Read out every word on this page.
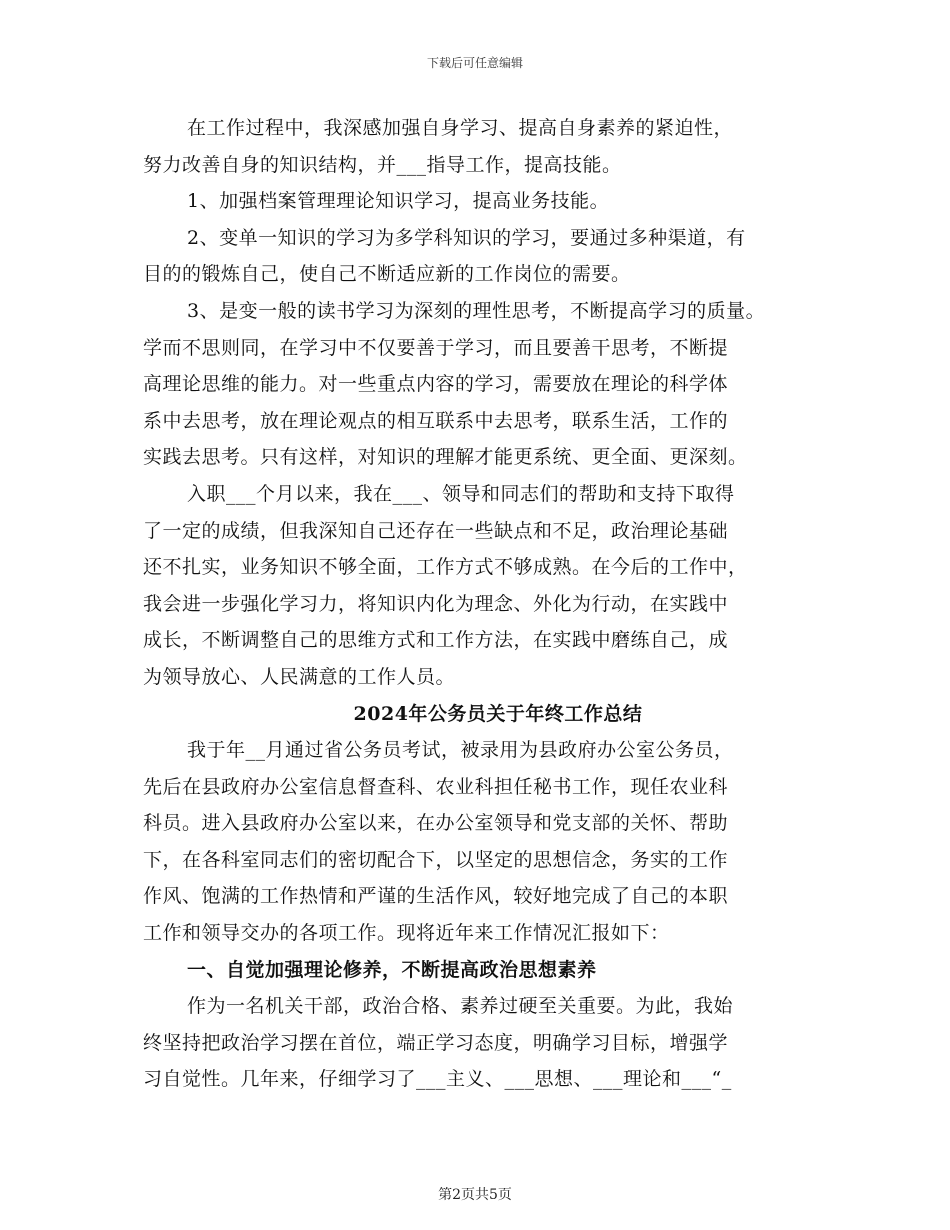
下载后可任意编辑
在工作过程中，我深感加强自身学习、提高自身素养的紧迫性，
努力改善自身的知识结构，并___指导工作，提高技能。
1、加强档案管理理论知识学习，提高业务技能。
2、变单一知识的学习为多学科知识的学习，要通过多种渠道，有
目的的锻炼自己，使自己不断适应新的工作岗位的需要。
3、是变一般的读书学习为深刻的理性思考，不断提高学习的质量。
学而不思则同，在学习中不仅要善于学习，而且要善干思考，不断提
高理论思维的能力。对一些重点内容的学习，需要放在理论的科学体
系中去思考，放在理论观点的相互联系中去思考，联系生活，工作的
实践去思考。只有这样，对知识的理解才能更系统、更全面、更深刻。
入职___个月以来，我在___、领导和同志们的帮助和支持下取得
了一定的成绩，但我深知自己还存在一些缺点和不足，政治理论基础
还不扎实，业务知识不够全面，工作方式不够成熟。在今后的工作中，
我会进一步强化学习力，将知识内化为理念、外化为行动，在实践中
成长，不断调整自己的思维方式和工作方法，在实践中磨练自己，成
为领导放心、人民满意的工作人员。
2024年公务员关于年终工作总结
我于年__月通过省公务员考试，被录用为县政府办公室公务员，
先后在县政府办公室信息督查科、农业科担任秘书工作，现任农业科
科员。进入县政府办公室以来，在办公室领导和党支部的关怀、帮助
下，在各科室同志们的密切配合下，以坚定的思想信念，务实的工作
作风、饱满的工作热情和严谨的生活作风，较好地完成了自己的本职
工作和领导交办的各项工作。现将近年来工作情况汇报如下：
一、自觉加强理论修养，不断提高政治思想素养
作为一名机关干部，政治合格、素养过硬至关重要。为此，我始
终坚持把政治学习摆在首位，端正学习态度，明确学习目标，增强学
习自觉性。几年来，仔细学习了___主义、___思想、___理论和___“_
第2页共5页
